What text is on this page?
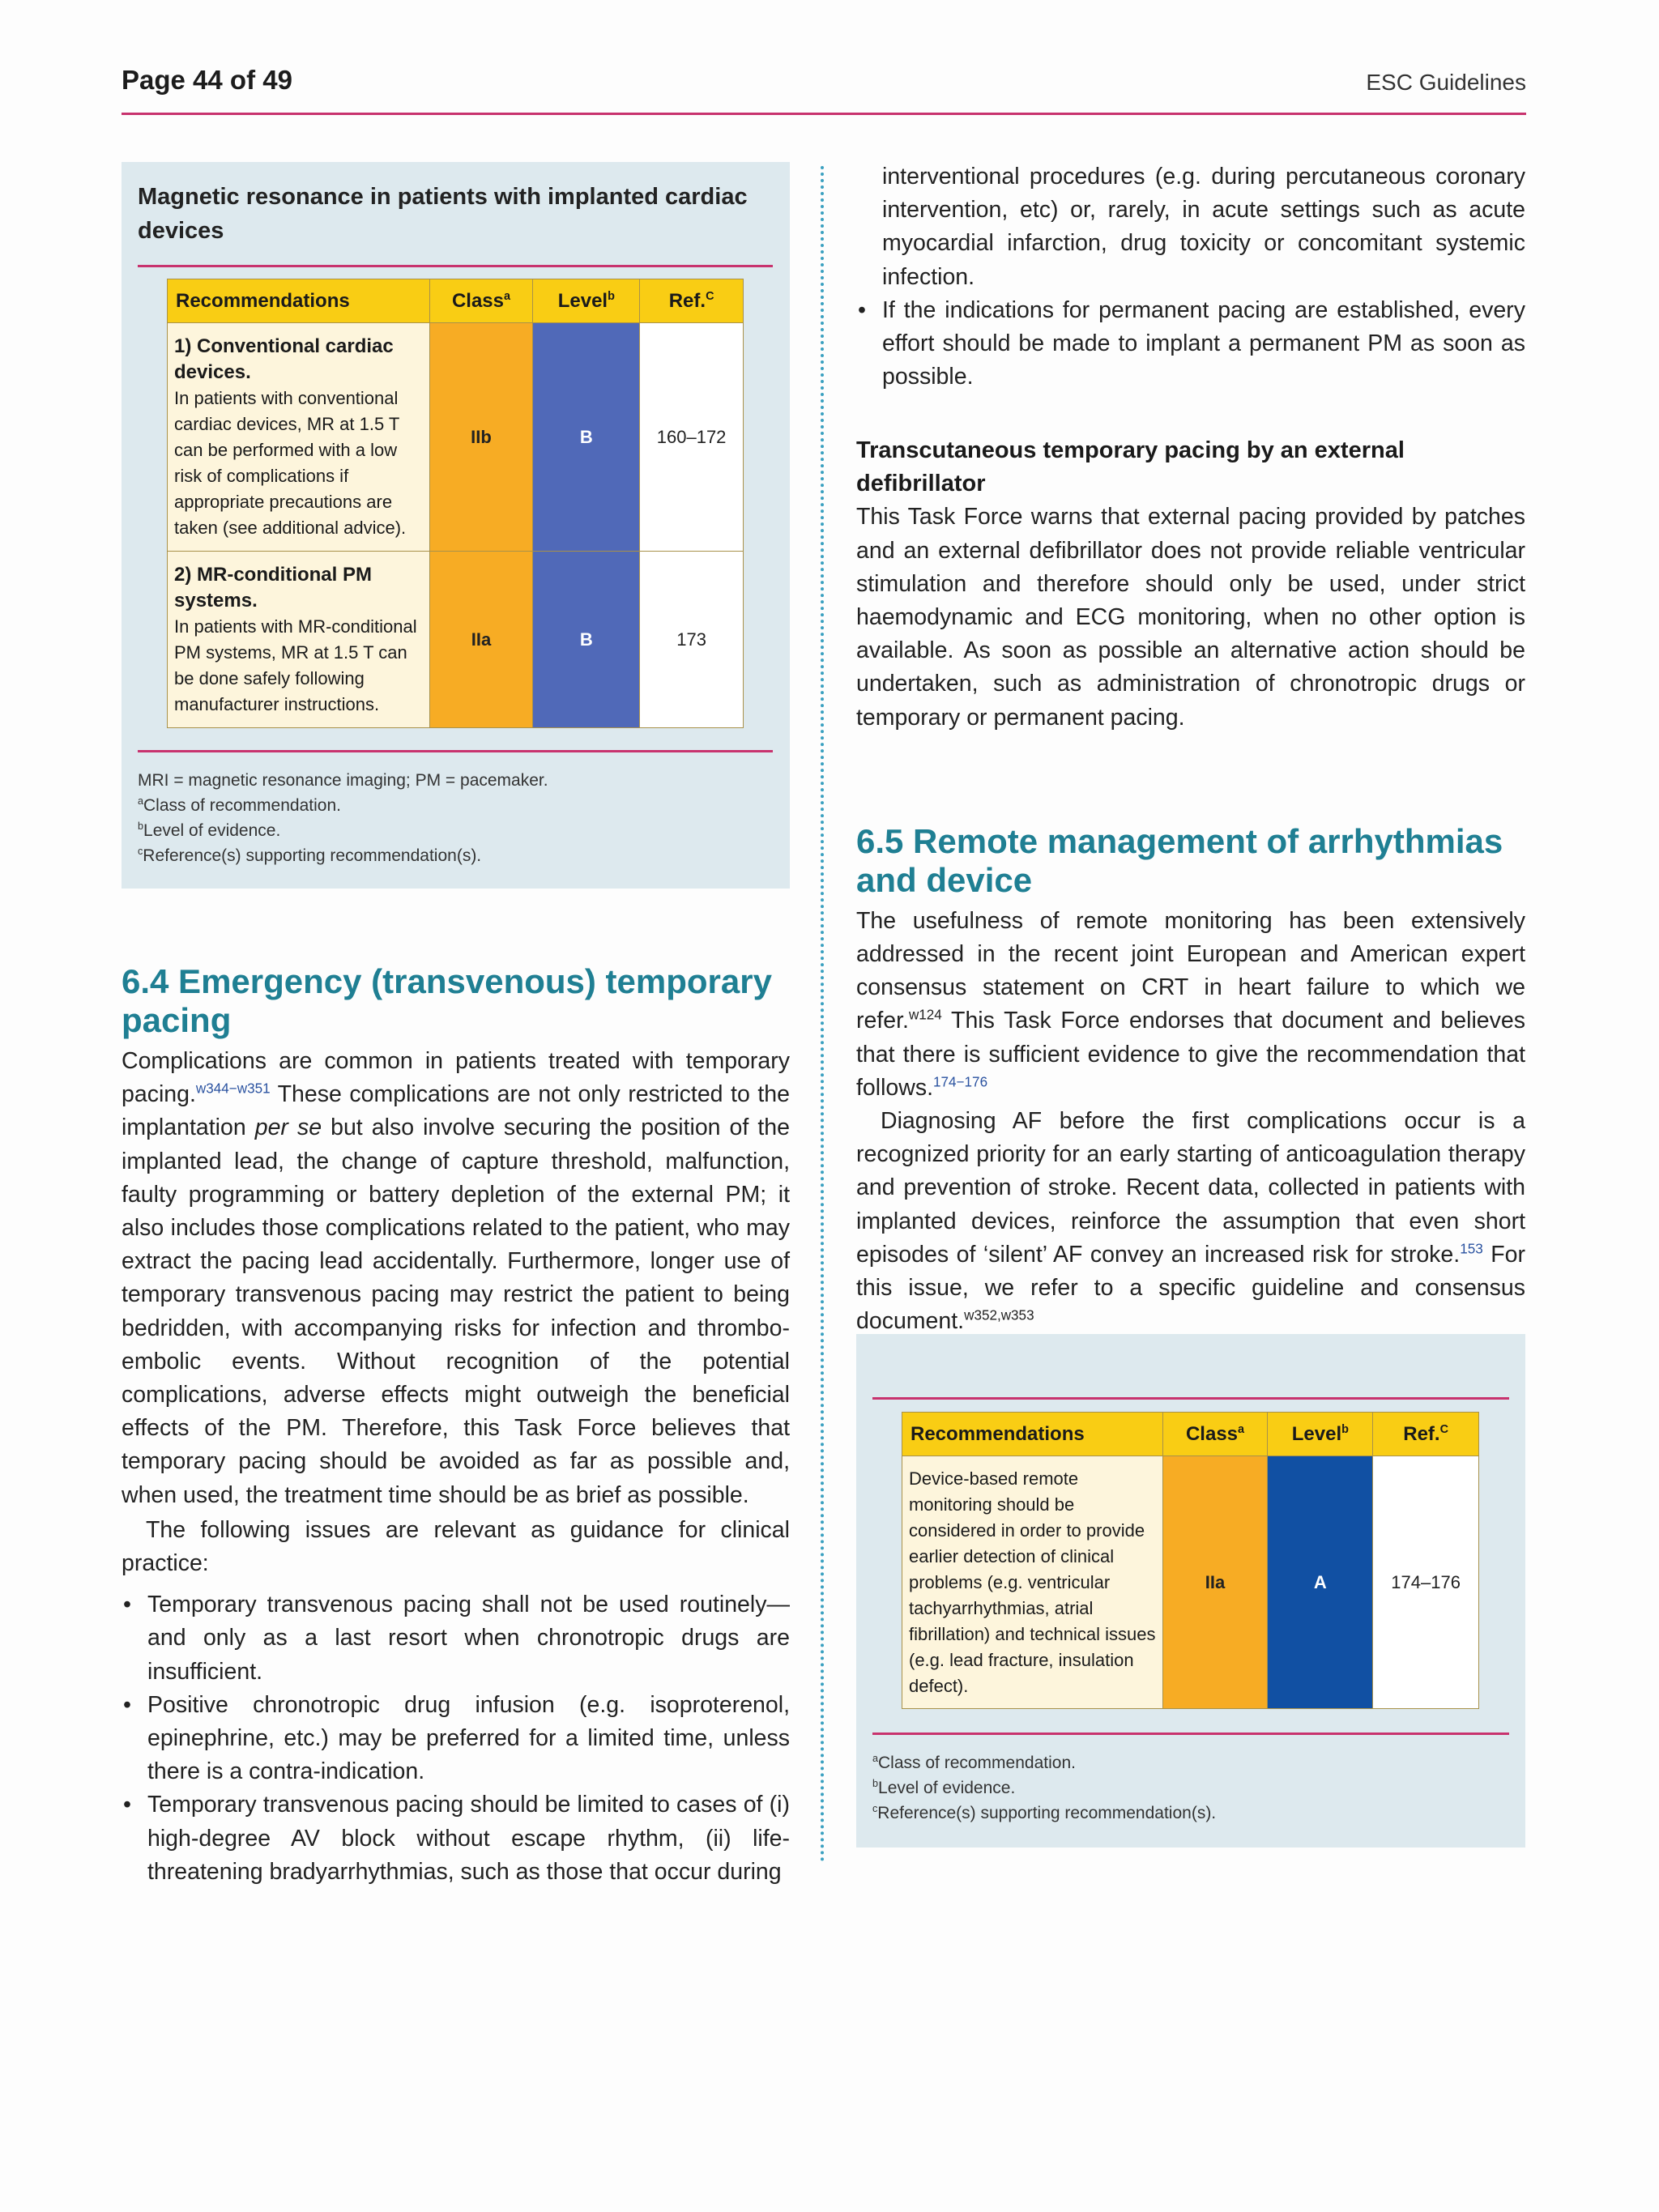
Page 44 of 49	ESC Guidelines
Magnetic resonance in patients with implanted cardiac devices
Recommendations	Class$^a$	Level$^b$	Ref.$^C$
1) Conventional cardiac devices.
In patients with conventional cardiac devices, MR at 1.5 T can be performed with a low risk of complications if appropriate precautions are taken (see additional advice).	IIb	B	160–172
2) MR-conditional PM systems.
In patients with MR-conditional PM systems, MR at 1.5 T can be done safely following manufacturer instructions.	IIa	B	173
MRI = magnetic resonance imaging; PM = pacemaker.
$^a$Class of recommendation.
$^b$Level of evidence.
$^c$Reference(s) supporting recommendation(s).
6.4 Emergency (transvenous) temporary pacing

Complications are common in patients treated with temporary pacing.$^{w344-w351}$ These complications are not only restricted to the implantation per se but also involve securing the position of the implanted lead, the change of capture threshold, malfunction, faulty programming or battery depletion of the external PM; it also includes those complications related to the patient, who may extract the pacing lead accidentally. Furthermore, longer use of temporary transvenous pacing may restrict the patient to being bedridden, with accompanying risks for infection and thrombo-embolic events. Without recognition of the potential complications, adverse effects might outweigh the beneficial effects of the PM. Therefore, this Task Force believes that temporary pacing should be avoided as far as possible and, when used, the treatment time should be as brief as possible.

The following issues are relevant as guidance for clinical practice:

• Temporary transvenous pacing shall not be used routinely—and only as a last resort when chronotropic drugs are insufficient.
• Positive chronotropic drug infusion (e.g. isoproterenol, epinephrine, etc.) may be preferred for a limited time, unless there is a contra-indication.
• Temporary transvenous pacing should be limited to cases of (i) high-degree AV block without escape rhythm, (ii) life-threatening bradyarrhythmias, such as those that occur during
interventional procedures (e.g. during percutaneous coronary intervention, etc) or, rarely, in acute settings such as acute myocardial infarction, drug toxicity or concomitant systemic infection.
• If the indications for permanent pacing are established, every effort should be made to implant a permanent PM as soon as possible.
Transcutaneous temporary pacing by an external defibrillator

This Task Force warns that external pacing provided by patches and an external defibrillator does not provide reliable ventricular stimulation and therefore should only be used, under strict haemodynamic and ECG monitoring, when no other option is available. As soon as possible an alternative action should be undertaken, such as administration of chronotropic drugs or temporary or permanent pacing.

6.5 Remote management of arrhythmias and device

The usefulness of remote monitoring has been extensively addressed in the recent joint European and American expert consensus statement on CRT in heart failure to which we refer.$^{w124}$ This Task Force endorses that document and believes that there is sufficient evidence to give the recommendation that follows.$^{174-176}$

Diagnosing AF before the first complications occur is a recognized priority for an early starting of anticoagulation therapy and prevention of stroke. Recent data, collected in patients with implanted devices, reinforce the assumption that even short episodes of ‘silent’ AF convey an increased risk for stroke.$^{153}$ For this issue, we refer to a specific guideline and consensus document.$^{w352,w353}$

Recommendations	Class$^a$	Level$^b$	Ref.$^C$
Device-based remote monitoring should be considered in order to provide earlier detection of clinical problems (e.g. ventricular tachyarrhythmias, atrial fibrillation) and technical issues (e.g. lead fracture, insulation defect).	IIa	A	174–176
$^a$Class of recommendation.
$^b$Level of evidence.
$^c$Reference(s) supporting recommendation(s).
